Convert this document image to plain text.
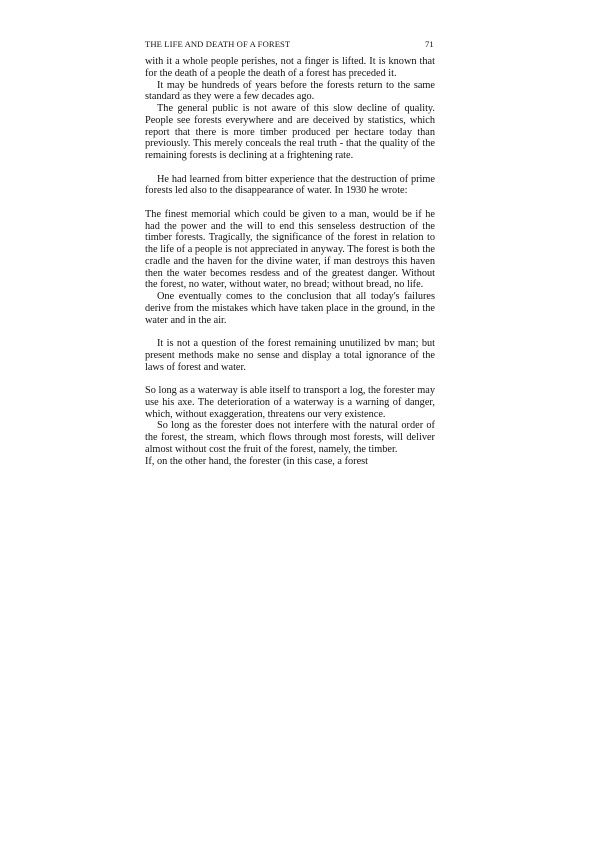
THE LIFE AND DEATH OF A FOREST	71

with it a whole people perishes, not a finger is lifted. It is known that for the death of a people the death of a forest has preceded it.

It may be hundreds of years before the forests return to the same standard as they were a few decades ago.

The general public is not aware of this slow decline of quality. People see forests everywhere and are deceived by statistics, which report that there is more timber produced per hectare today than previously. This merely conceals the real truth - that the quality of the remaining forests is declining at a frightening rate.

He had learned from bitter experience that the destruction of prime forests led also to the disappearance of water. In 1930 he wrote:

The finest memorial which could be given to a man, would be if he had the power and the will to end this senseless destruction of the timber forests. Tragically, the significance of the forest in relation to the life of a people is not appreciated in anyway. The forest is both the cradle and the haven for the divine water, if man destroys this haven then the water becomes resdess and of the greatest danger. Without the forest, no water, without water, no bread; without bread, no life.

One eventually comes to the conclusion that all today's failures derive from the mistakes which have taken place in the ground, in the water and in the air.

It is not a question of the forest remaining unutilized bv man; but present methods make no sense and display a total ignorance of the laws of forest and water.

So long as a waterway is able itself to transport a log, the forester may use his axe. The deterioration of a waterway is a warning of danger, which, without exaggeration, threatens our very existence.

So long as the forester does not interfere with the natural order of the forest, the stream, which flows through most forests, will deliver almost without cost the fruit of the forest, namely, the timber.

If, on the other hand, the forester (in this case, a forest
